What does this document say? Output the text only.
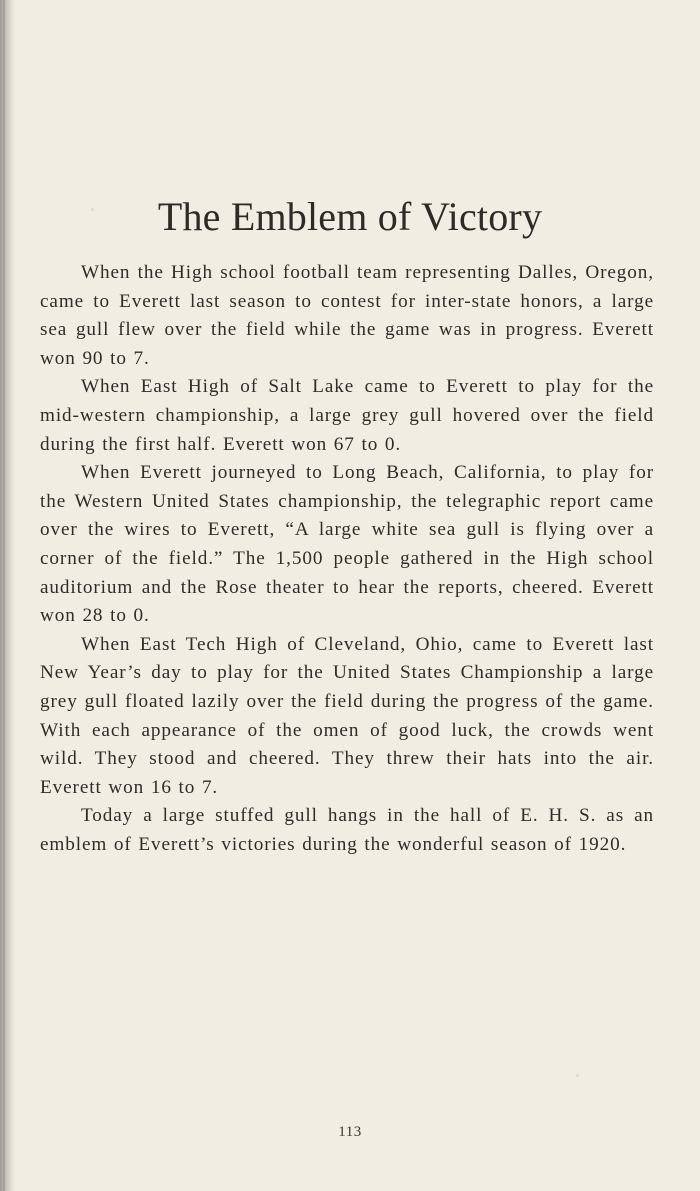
The Emblem of Victory

When the High school football team representing Dalles, Oregon, came to Everett last season to contest for inter-state honors, a large sea gull flew over the field while the game was in progress. Everett won 90 to 7.

When East High of Salt Lake came to Everett to play for the mid-western championship, a large grey gull hovered over the field during the first half. Everett won 67 to 0.

When Everett journeyed to Long Beach, California, to play for the Western United States championship, the telegraphic report came over the wires to Everett, “A large white sea gull is flying over a corner of the field.” The 1,500 people gathered in the High school auditorium and the Rose theater to hear the reports, cheered. Everett won 28 to 0.

When East Tech High of Cleveland, Ohio, came to Everett last New Year’s day to play for the United States Championship a large grey gull floated lazily over the field during the progress of the game. With each appearance of the omen of good luck, the crowds went wild. They stood and cheered. They threw their hats into the air. Everett won 16 to 7.

Today a large stuffed gull hangs in the hall of E. H. S. as an emblem of Everett’s victories during the wonderful season of 1920.

113
